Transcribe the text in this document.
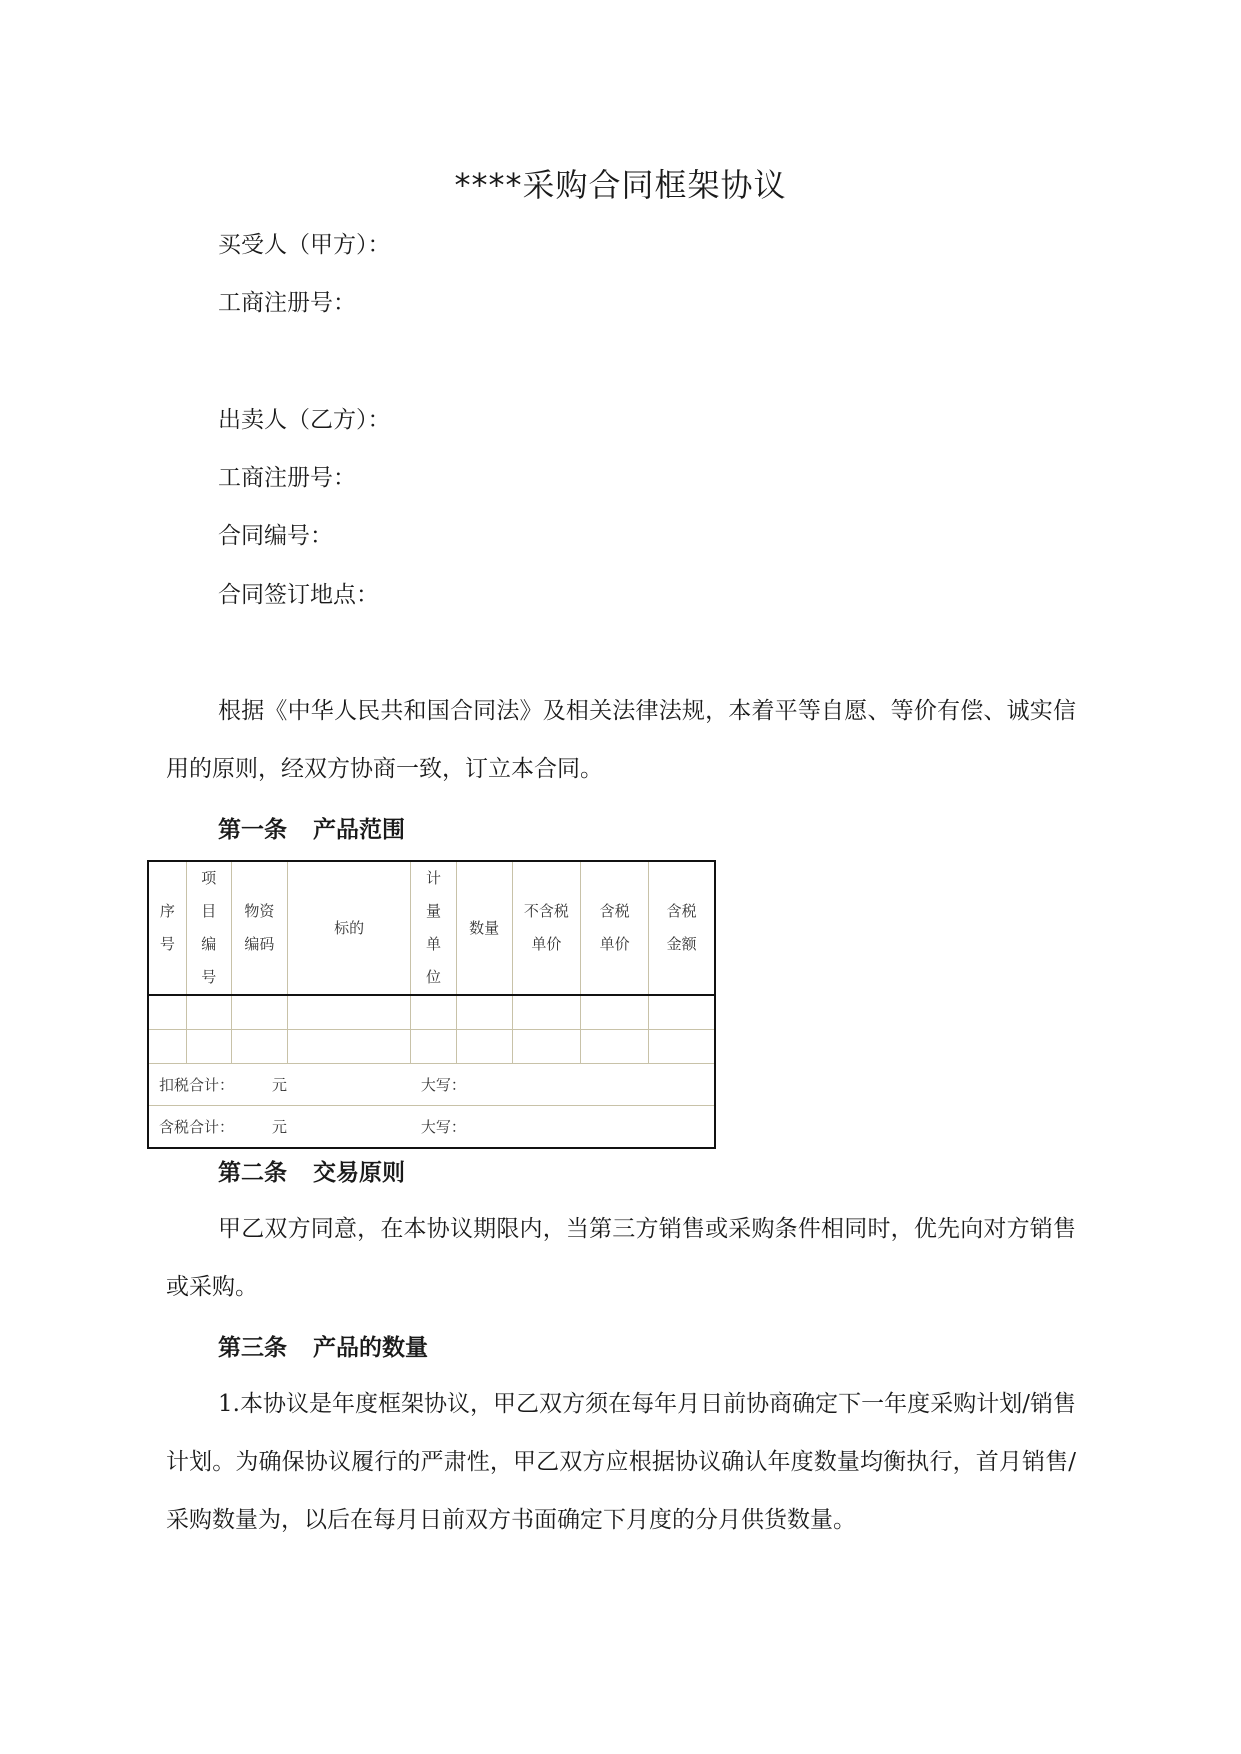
****采购合同框架协议
买受人（甲方）：
工商注册号：
出卖人（乙方）：
工商注册号：
合同编号：
合同签订地点：

根据《中华人民共和国合同法》及相关法律法规，本着平等自愿、等价有偿、诚实信用的原则，经双方协商一致，订立本合同。

第一条 产品范围
序号	项目编号	物资编码	标的	计量单位	数量	不含税单价	含税单价	含税金额

扣税合计： 元				大写：				
含税合计： 元				大写：				
第二条 交易原则

甲乙双方同意，在本协议期限内，当第三方销售或采购条件相同时，优先向对方销售或采购。

第三条 产品的数量

1.本协议是年度框架协议，甲乙双方须在每年月日前协商确定下一年度采购计划/销售计划。为确保协议履行的严肃性，甲乙双方应根据协议确认年度数量均衡执行，首月销售/采购数量为，以后在每月日前双方书面确定下月度的分月供货数量。
